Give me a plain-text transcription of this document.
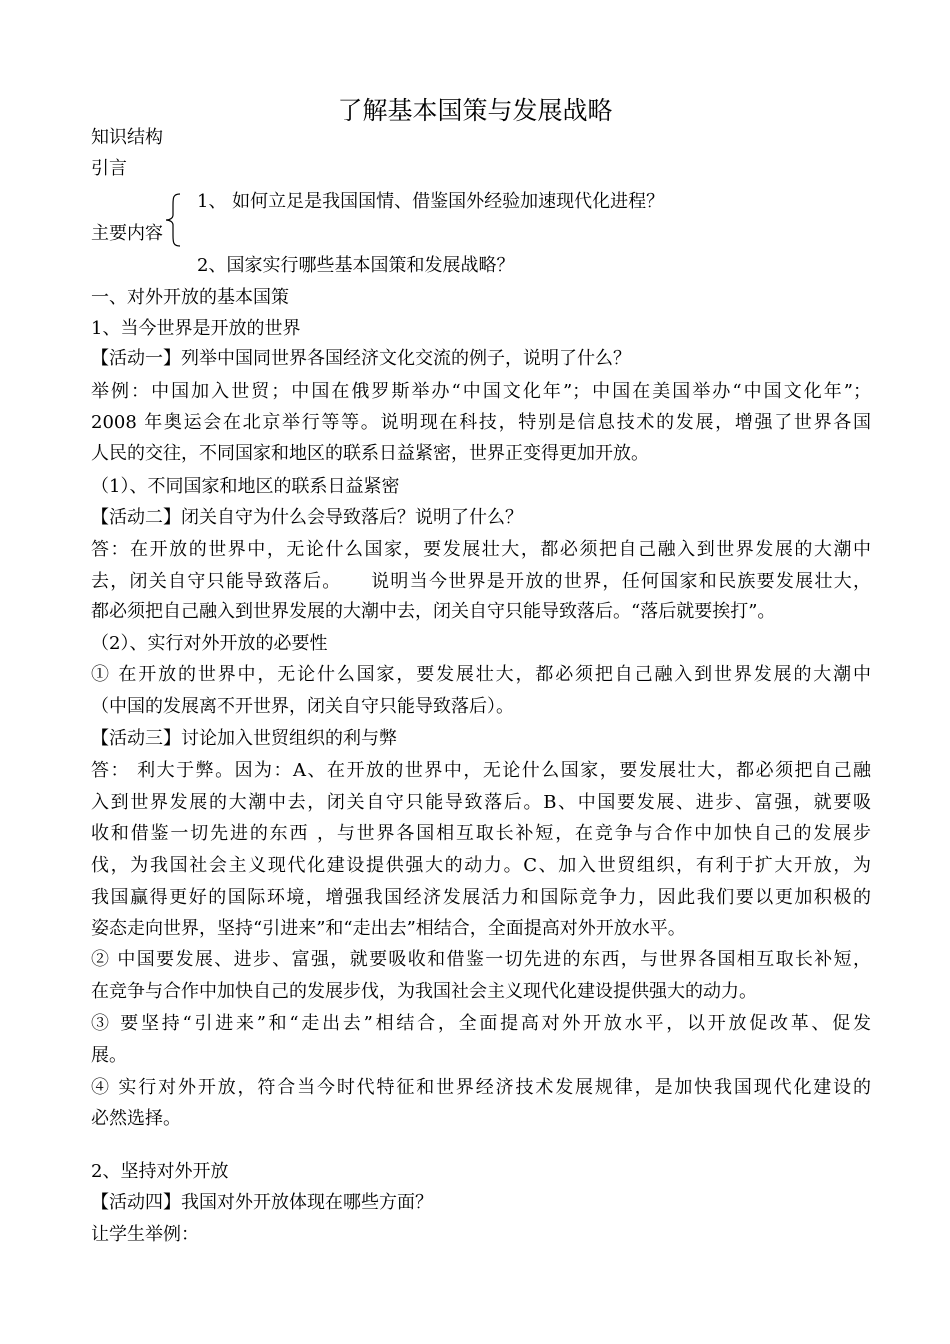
了解基本国策与发展战略
知识结构
引言
1、 如何立足是我国国情、借鉴国外经验加速现代化进程？
主要内容
2、国家实行哪些基本国策和发展战略？
一、对外开放的基本国策
1、当今世界是开放的世界
【活动一】列举中国同世界各国经济文化交流的例子，说明了什么？
举例：中国加入世贸；中国在俄罗斯举办“中国文化年”；中国在美国举办“中国文化年”；
2008 年奥运会在北京举行等等。说明现在科技，特别是信息技术的发展，增强了世界各国
人民的交往，不同国家和地区的联系日益紧密，世界正变得更加开放。
（1）、不同国家和地区的联系日益紧密
【活动二】闭关自守为什么会导致落后？说明了什么？
答：在开放的世界中，无论什么国家，要发展壮大，都必须把自己融入到世界发展的大潮中
去，闭关自守只能导致落后。　　说明当今世界是开放的世界，任何国家和民族要发展壮大，
都必须把自己融入到世界发展的大潮中去，闭关自守只能导致落后。“落后就要挨打”。
（2）、实行对外开放的必要性
① 在开放的世界中，无论什么国家，要发展壮大，都必须把自己融入到世界发展的大潮中
（中国的发展离不开世界，闭关自守只能导致落后）。
【活动三】讨论加入世贸组织的利与弊
答： 利大于弊。因为：A、在开放的世界中，无论什么国家，要发展壮大，都必须把自己融
入到世界发展的大潮中去，闭关自守只能导致落后。B、中国要发展、进步、富强，就要吸
收和借鉴一切先进的东西 ，与世界各国相互取长补短，在竞争与合作中加快自己的发展步
伐，为我国社会主义现代化建设提供强大的动力。C、加入世贸组织，有利于扩大开放，为
我国赢得更好的国际环境，增强我国经济发展活力和国际竞争力，因此我们要以更加积极的
姿态走向世界，坚持“引进来”和“走出去”相结合，全面提高对外开放水平。
② 中国要发展、进步、富强，就要吸收和借鉴一切先进的东西，与世界各国相互取长补短，
在竞争与合作中加快自己的发展步伐，为我国社会主义现代化建设提供强大的动力。
③ 要坚持“引进来”和“走出去”相结合，全面提高对外开放水平，以开放促改革、促发
展。
④ 实行对外开放，符合当今时代特征和世界经济技术发展规律，是加快我国现代化建设的
必然选择。
2、坚持对外开放
【活动四】我国对外开放体现在哪些方面？
让学生举例：
